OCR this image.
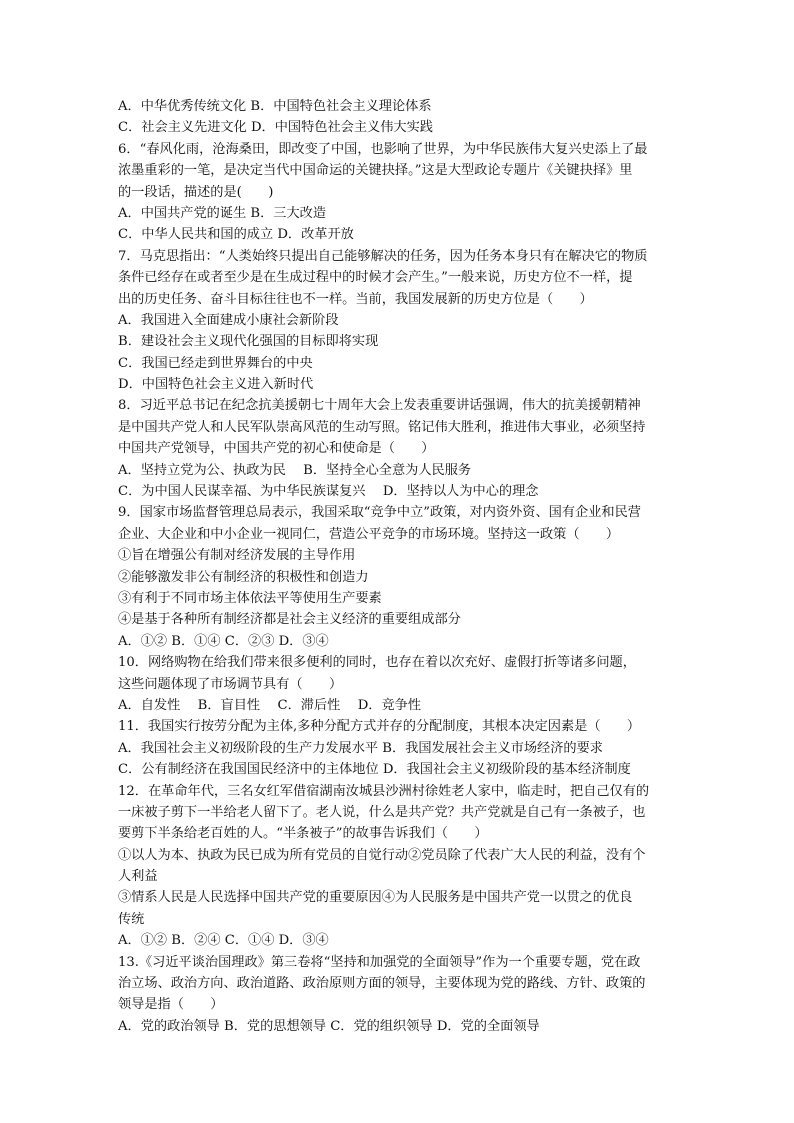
A．中华优秀传统文化 B．中国特色社会主义理论体系
C．社会主义先进文化 D．中国特色社会主义伟大实践
6．“春风化雨，沧海桑田，即改变了中国，也影响了世界，为中华民族伟大复兴史添上了最
浓墨重彩的一笔，是决定当代中国命运的关键抉择。”这是大型政论专题片《关键抉择》里
的一段话，描述的是(　　)
A．中国共产党的诞生 B．三大改造
C．中华人民共和国的成立 D．改革开放
7．马克思指出：“人类始终只提出自己能够解决的任务，因为任务本身只有在解决它的物质
条件已经存在或者至少是在生成过程中的时候才会产生。”一般来说，历史方位不一样，提
出的历史任务、奋斗目标往往也不一样。当前，我国发展新的历史方位是（　　）
A．我国进入全面建成小康社会新阶段
B．建设社会主义现代化强国的目标即将实现
C．我国已经走到世界舞台的中央
D．中国特色社会主义进入新时代
8．习近平总书记在纪念抗美援朝七十周年大会上发表重要讲话强调，伟大的抗美援朝精神
是中国共产党人和人民军队崇高风范的生动写照。铭记伟大胜利，推进伟大事业，必须坚持
中国共产党领导，中国共产党的初心和使命是（　　）
A．坚持立党为公、执政为民　 B．坚持全心全意为人民服务
C．为中国人民谋幸福、为中华民族谋复兴　 D．坚持以人为中心的理念
9．国家市场监督管理总局表示，我国采取“竞争中立”政策，对内资外资、国有企业和民营
企业、大企业和中小企业一视同仁，营造公平竞争的市场环境。坚持这一政策（　　）
①旨在增强公有制对经济发展的主导作用
②能够激发非公有制经济的积极性和创造力
③有利于不同市场主体依法平等使用生产要素
④是基于各种所有制经济都是社会主义经济的重要组成部分
A．①② B．①④ C．②③ D．③④
10．网络购物在给我们带来很多便利的同时，也存在着以次充好、虚假打折等诸多问题，
这些问题体现了市场调节具有（　　）
A．自发性　 B．盲目性　 C．滞后性　 D．竞争性
11．我国实行按劳分配为主体,多种分配方式并存的分配制度，其根本决定因素是（　　）
A．我国社会主义初级阶段的生产力发展水平 B．我国发展社会主义市场经济的要求
C．公有制经济在我国国民经济中的主体地位 D．我国社会主义初级阶段的基本经济制度
12．在革命年代，三名女红军借宿湖南汝城县沙洲村徐姓老人家中，临走时，把自己仅有的
一床被子剪下一半给老人留下了。老人说，什么是共产党？共产党就是自己有一条被子，也
要剪下半条给老百姓的人。“半条被子”的故事告诉我们（　　）
①以人为本、执政为民已成为所有党员的自觉行动②党员除了代表广大人民的利益，没有个
人利益
③情系人民是人民选择中国共产党的重要原因④为人民服务是中国共产党一以贯之的优良
传统
A．①② B．②④ C．①④ D．③④
13.《习近平谈治国理政》第三卷将“坚持和加强党的全面领导”作为一个重要专题，党在政
治立场、政治方向、政治道路、政治原则方面的领导，主要体现为党的路线、方针、政策的
领导是指（　　）
A．党的政治领导 B．党的思想领导 C．党的组织领导 D．党的全面领导
